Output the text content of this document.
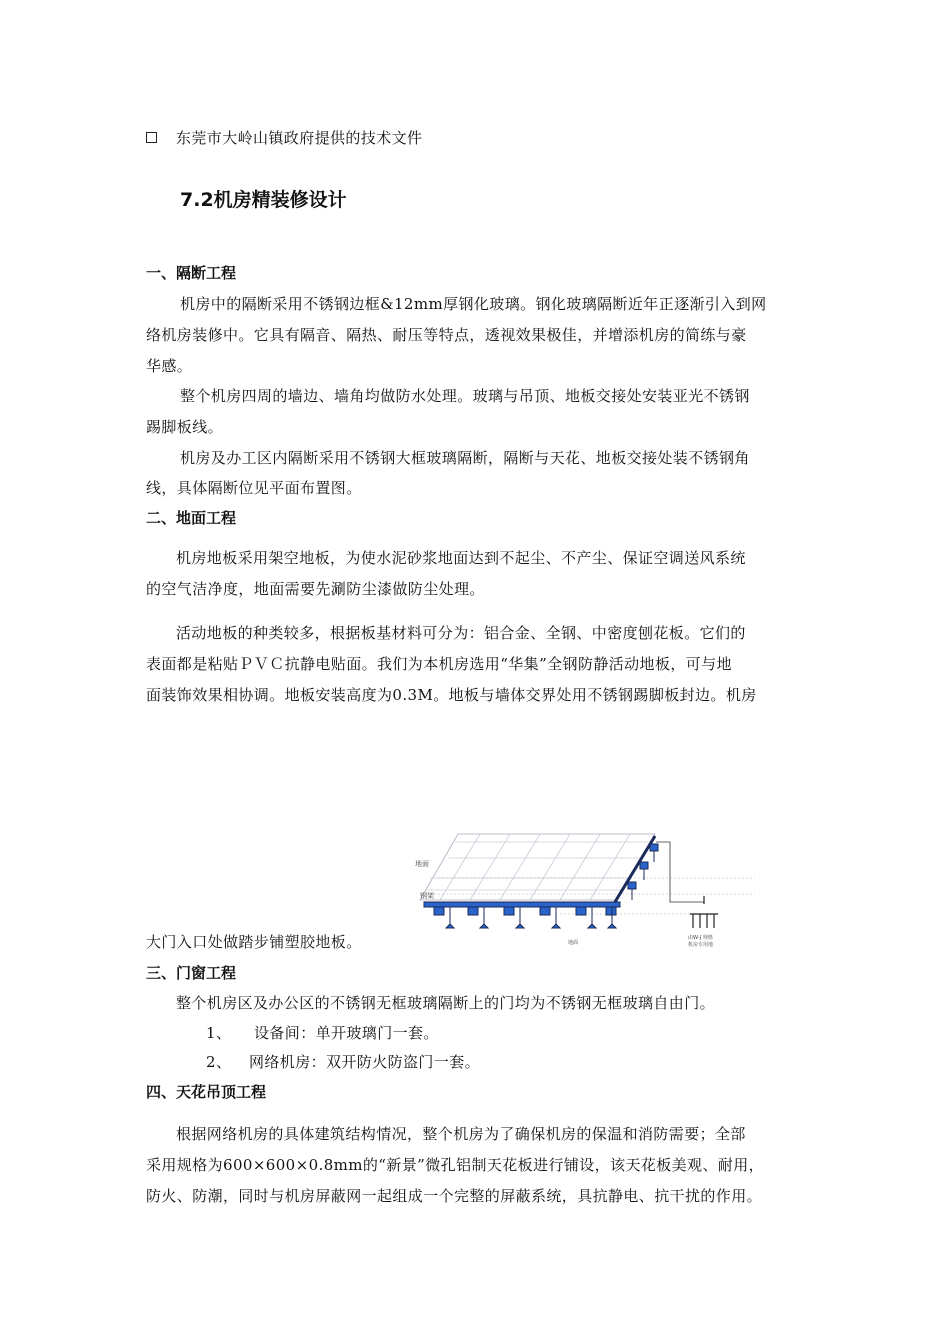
东莞市大岭山镇政府提供的技术文件
7.2机房精装修设计
一、隔断工程
机房中的隔断采用不锈钢边框&12mm厚钢化玻璃。钢化玻璃隔断近年正逐渐引入到网
络机房装修中。它具有隔音、隔热、耐压等特点，透视效果极佳，并增添机房的简练与豪
华感。
整个机房四周的墙边、墙角均做防水处理。玻璃与吊顶、地板交接处安装亚光不锈钢
踢脚板线。
机房及办工区内隔断采用不锈钢大框玻璃隔断，隔断与天花、地板交接处装不锈钢角
线，具体隔断位见平面布置图。
二、地面工程
机房地板采用架空地板，为使水泥砂浆地面达到不起尘、不产尘、保证空调送风系统
的空气洁净度，地面需要先涮防尘漆做防尘处理。
活动地板的种类较多，根据板基材料可分为：铝合金、全钢、中密度刨花板。它们的
表面都是粘贴ＰＶＣ抗静电贴面。我们为本机房选用“华集”全钢防静活动地板，可与地
面装饰效果相协调。地板安装高度为0.3M。地板与墙体交界处用不锈钢踢脚板封边。机房
地面
钢架
地面
由W-J 规格
机房专用地
大门入口处做踏步铺塑胶地板。
三、门窗工程
整个机房区及办公区的不锈钢无框玻璃隔断上的门均为不锈钢无框玻璃自由门。
1、 设备间：单开玻璃门一套。
2、 网络机房：双开防火防盗门一套。
四、天花吊顶工程
根据网络机房的具体建筑结构情况，整个机房为了确保机房的保温和消防需要；全部
采用规格为600×600×0.8mm的“新景”微孔铝制天花板进行铺设，该天花板美观、耐用，
防火、防潮，同时与机房屏蔽网一起组成一个完整的屏蔽系统，具抗静电、抗干扰的作用。
